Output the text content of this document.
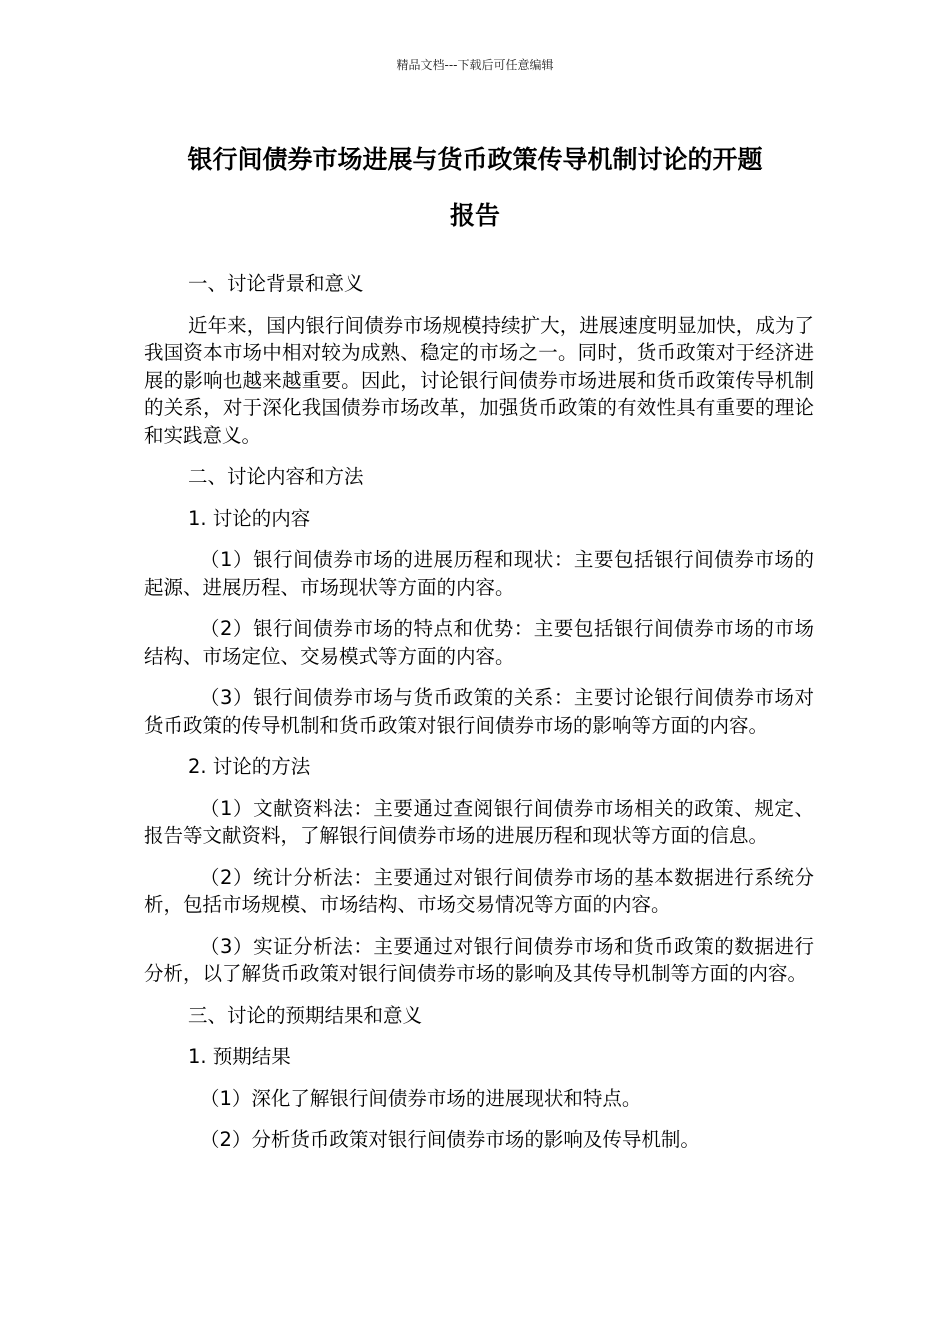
精品文档---下载后可任意编辑
银行间债券市场进展与货币政策传导机制讨论的开题
报告

一、讨论背景和意义

近年来，国内银行间债券市场规模持续扩大，进展速度明显加快，成为了我国资本市场中相对较为成熟、稳定的市场之一。同时，货币政策对于经济进展的影响也越来越重要。因此，讨论银行间债券市场进展和货币政策传导机制的关系，对于深化我国债券市场改革，加强货币政策的有效性具有重要的理论和实践意义。

二、讨论内容和方法

1. 讨论的内容

（1）银行间债券市场的进展历程和现状：主要包括银行间债券市场的起源、进展历程、市场现状等方面的内容。

（2）银行间债券市场的特点和优势：主要包括银行间债券市场的市场结构、市场定位、交易模式等方面的内容。

（3）银行间债券市场与货币政策的关系：主要讨论银行间债券市场对货币政策的传导机制和货币政策对银行间债券市场的影响等方面的内容。

2. 讨论的方法

（1）文献资料法：主要通过查阅银行间债券市场相关的政策、规定、报告等文献资料，了解银行间债券市场的进展历程和现状等方面的信息。

（2）统计分析法：主要通过对银行间债券市场的基本数据进行系统分析，包括市场规模、市场结构、市场交易情况等方面的内容。

（3）实证分析法：主要通过对银行间债券市场和货币政策的数据进行分析，以了解货币政策对银行间债券市场的影响及其传导机制等方面的内容。

三、讨论的预期结果和意义

1. 预期结果

（1）深化了解银行间债券市场的进展现状和特点。

（2）分析货币政策对银行间债券市场的影响及传导机制。
